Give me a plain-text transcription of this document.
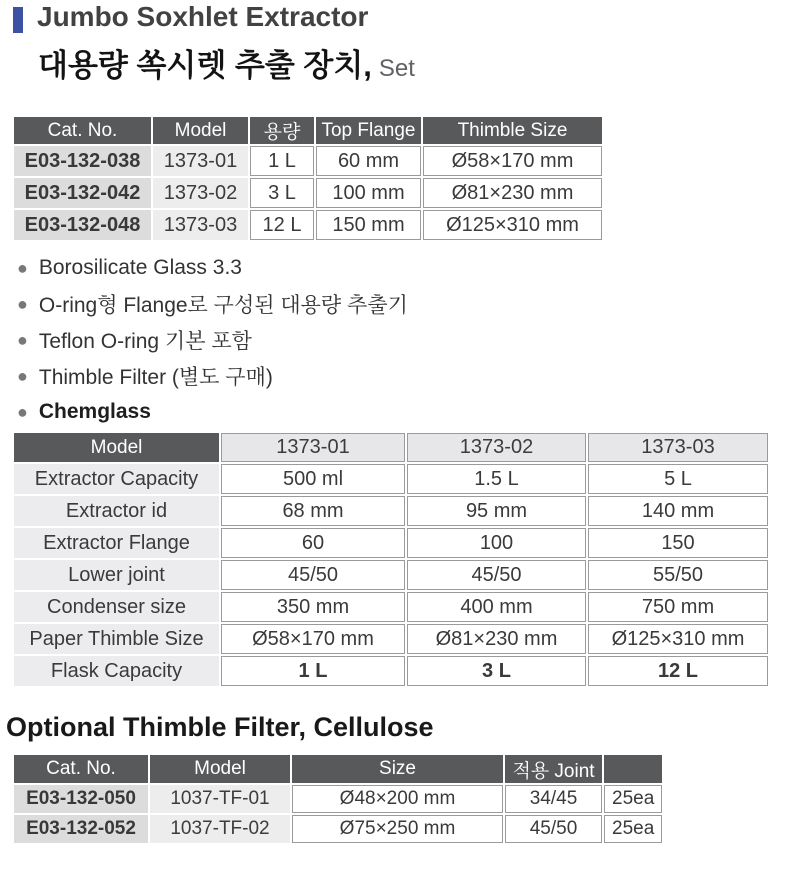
Jumbo Soxhlet Extractor
대용량 쏙시렛 추출 장치, Set
Cat. No.	Model	용량	Top Flange	Thimble Size
E03-132-038	1373-01	1 L	60 mm	Ø58×170 mm
E03-132-042	1373-02	3 L	100 mm	Ø81×230 mm
E03-132-048	1373-03	12 L	150 mm	Ø125×310 mm
● Borosilicate Glass 3.3
● O-ring형 Flange로 구성된 대용량 추출기
● Teflon O-ring 기본 포함
● Thimble Filter (별도 구매)
● Chemglass
Model	1373-01	1373-02	1373-03
Extractor Capacity	500 ml	1.5 L	5 L
Extractor id	68 mm	95 mm	140 mm
Extractor Flange	60	100	150
Lower joint	45/50	45/50	55/50
Condenser size	350 mm	400 mm	750 mm
Paper Thimble Size	Ø58×170 mm	Ø81×230 mm	Ø125×310 mm
Flask Capacity	1 L	3 L	12 L
Optional Thimble Filter, Cellulose
Cat. No.	Model	Size	적용 Joint	
E03-132-050	1037-TF-01	Ø48×200 mm	34/45	25ea
E03-132-052	1037-TF-02	Ø75×250 mm	45/50	25ea
